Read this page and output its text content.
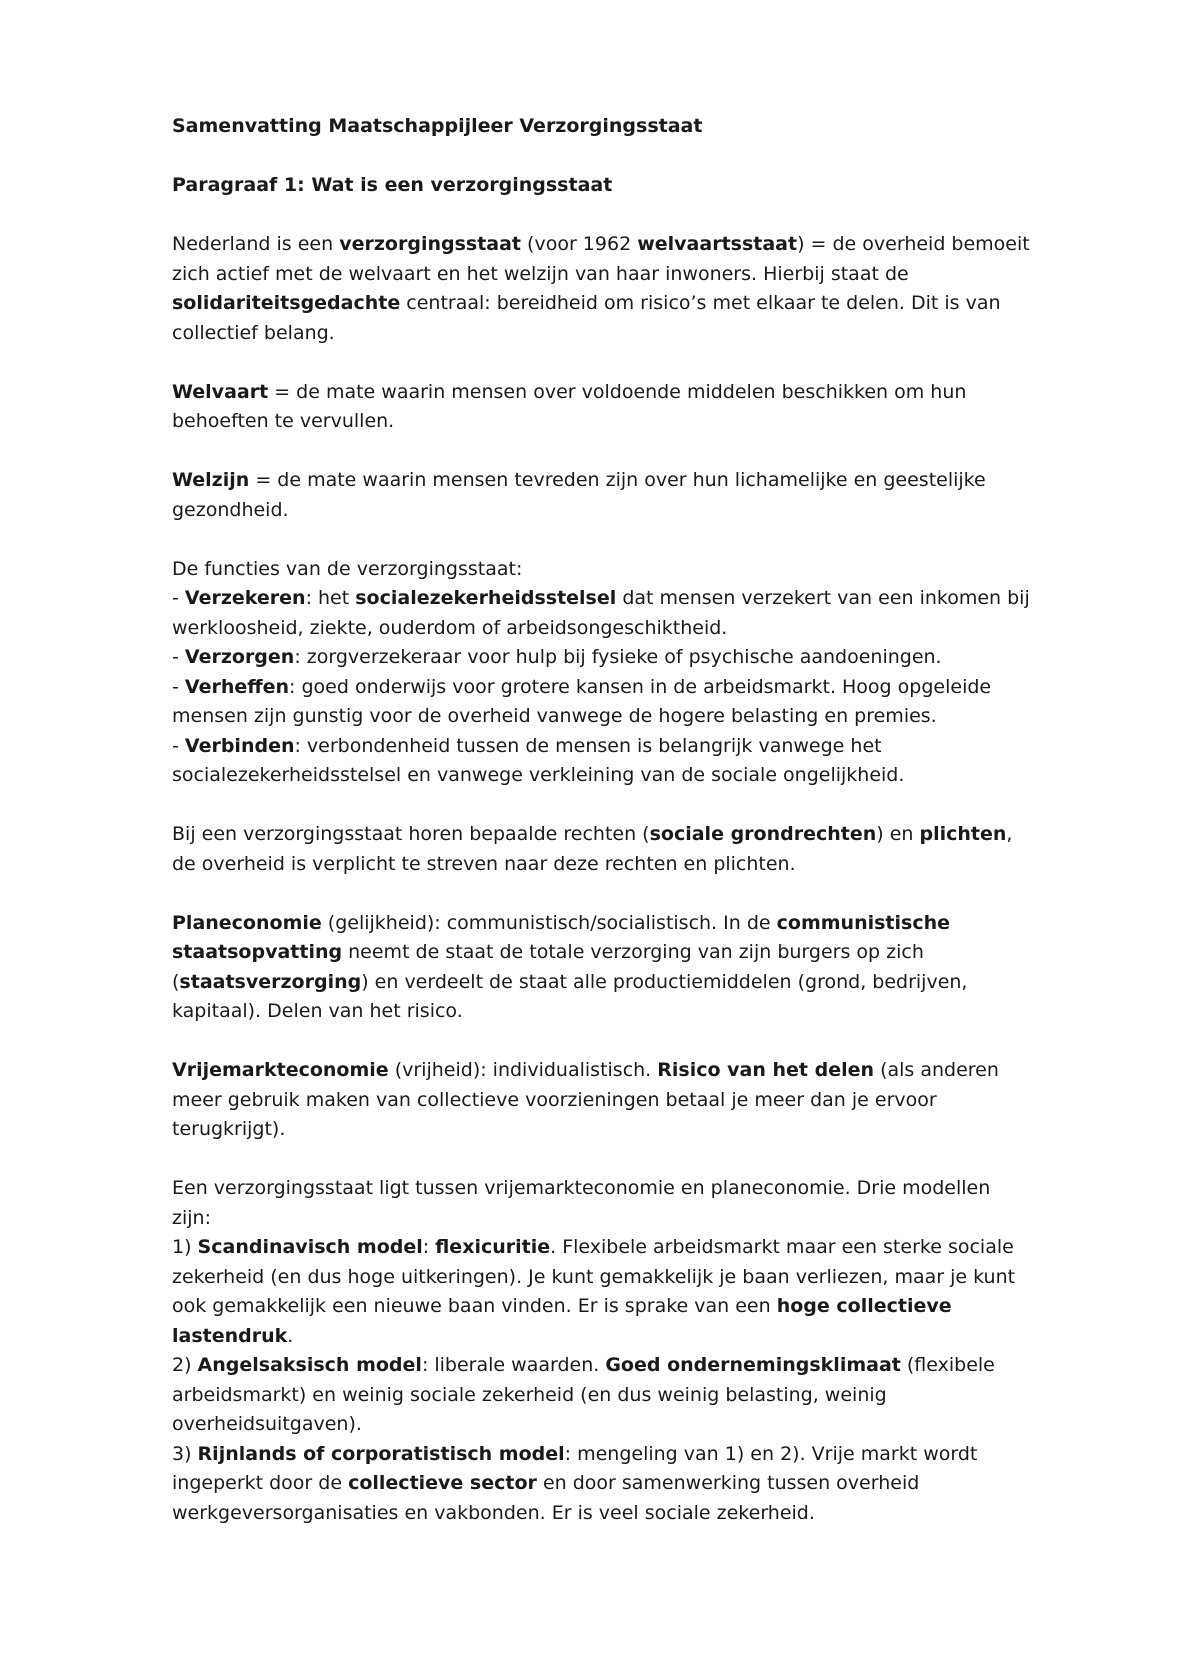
Samenvatting Maatschappijleer Verzorgingsstaat

Paragraaf 1: Wat is een verzorgingsstaat

Nederland is een verzorgingsstaat (voor 1962 welvaartsstaat) = de overheid bemoeit zich actief met de welvaart en het welzijn van haar inwoners. Hierbij staat de solidariteitsgedachte centraal: bereidheid om risico’s met elkaar te delen. Dit is van collectief belang.

Welvaart = de mate waarin mensen over voldoende middelen beschikken om hun behoeften te vervullen.

Welzijn = de mate waarin mensen tevreden zijn over hun lichamelijke en geestelijke gezondheid.

De functies van de verzorgingsstaat:

- Verzekeren: het socialezekerheidsstelsel dat mensen verzekert van een inkomen bij werkloosheid, ziekte, ouderdom of arbeidsongeschiktheid.

- Verzorgen: zorgverzekeraar voor hulp bij fysieke of psychische aandoeningen.

- Verheffen: goed onderwijs voor grotere kansen in de arbeidsmarkt. Hoog opgeleide mensen zijn gunstig voor de overheid vanwege de hogere belasting en premies.

- Verbinden: verbondenheid tussen de mensen is belangrijk vanwege het socialezekerheidsstelsel en vanwege verkleining van de sociale ongelijkheid.

Bij een verzorgingsstaat horen bepaalde rechten (sociale grondrechten) en plichten, de overheid is verplicht te streven naar deze rechten en plichten.

Planeconomie (gelijkheid): communistisch/socialistisch. In de communistische staatsopvatting neemt de staat de totale verzorging van zijn burgers op zich (staatsverzorging) en verdeelt de staat alle productiemiddelen (grond, bedrijven, kapitaal). Delen van het risico.

Vrijemarkteconomie (vrijheid): individualistisch. Risico van het delen (als anderen meer gebruik maken van collectieve voorzieningen betaal je meer dan je ervoor terugkrijgt).

Een verzorgingsstaat ligt tussen vrijemarkteconomie en planeconomie. Drie modellen zijn:

1) Scandinavisch model: flexicuritie. Flexibele arbeidsmarkt maar een sterke sociale zekerheid (en dus hoge uitkeringen). Je kunt gemakkelijk je baan verliezen, maar je kunt ook gemakkelijk een nieuwe baan vinden. Er is sprake van een hoge collectieve lastendruk.

2) Angelsaksisch model: liberale waarden. Goed ondernemingsklimaat (flexibele arbeidsmarkt) en weinig sociale zekerheid (en dus weinig belasting, weinig overheidsuitgaven).

3) Rijnlands of corporatistisch model: mengeling van 1) en 2). Vrije markt wordt ingeperkt door de collectieve sector en door samenwerking tussen overheid werkgeversorganisaties en vakbonden. Er is veel sociale zekerheid.
